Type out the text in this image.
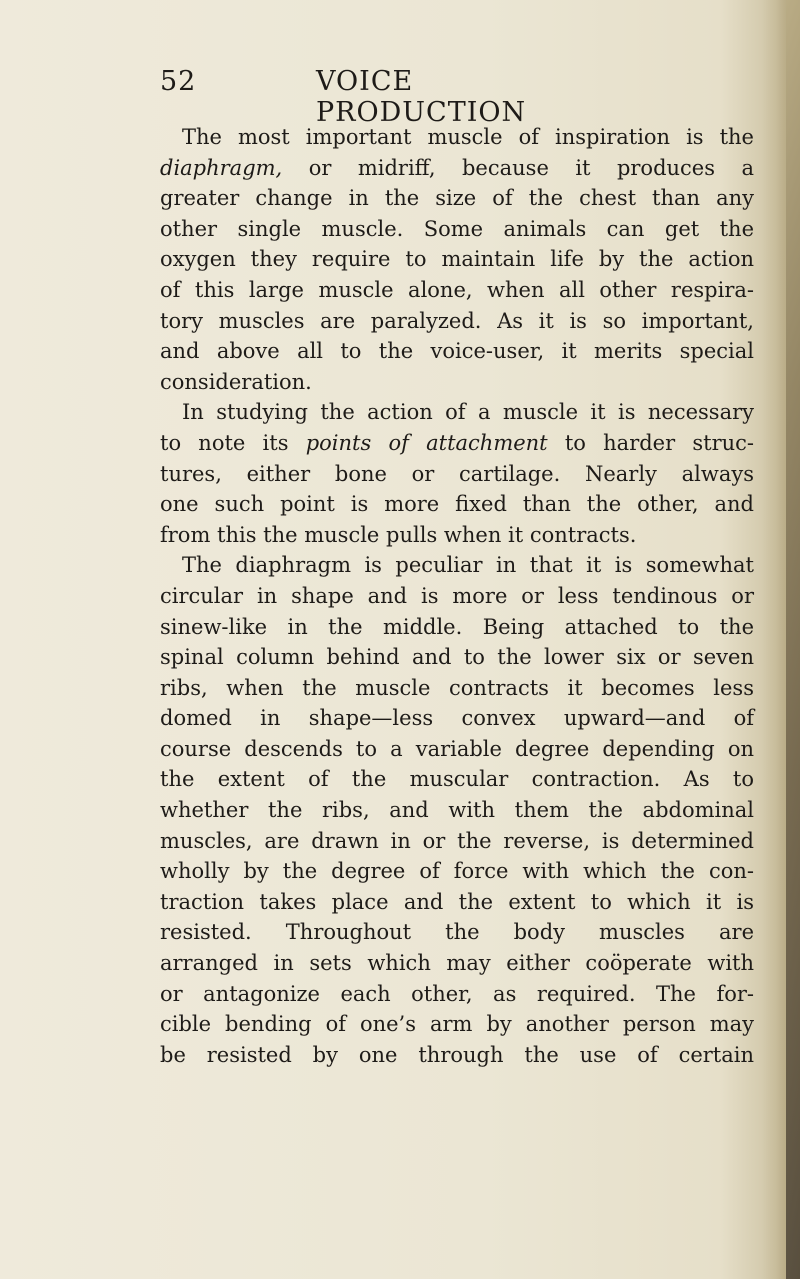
52	VOICE PRODUCTION
The most important muscle of inspiration is the
diaphragm, or midriff, because it produces a
greater change in the size of the chest than any
other single muscle. Some animals can get the
oxygen they require to maintain life by the action
of this large muscle alone, when all other respira-
tory muscles are paralyzed. As it is so important,
and above all to the voice-user, it merits special
consideration.
In studying the action of a muscle it is necessary
to note its points of attachment to harder struc-
tures, either bone or cartilage. Nearly always
one such point is more fixed than the other, and
from this the muscle pulls when it contracts.
The diaphragm is peculiar in that it is somewhat
circular in shape and is more or less tendinous or
sinew-like in the middle. Being attached to the
spinal column behind and to the lower six or seven
ribs, when the muscle contracts it becomes less
domed in shape—less convex upward—and of
course descends to a variable degree depending on
the extent of the muscular contraction. As to
whether the ribs, and with them the abdominal
muscles, are drawn in or the reverse, is determined
wholly by the degree of force with which the con-
traction takes place and the extent to which it is
resisted. Throughout the body muscles are
arranged in sets which may either coöperate with
or antagonize each other, as required. The for-
cible bending of one’s arm by another person may
be resisted by one through the use of certain
